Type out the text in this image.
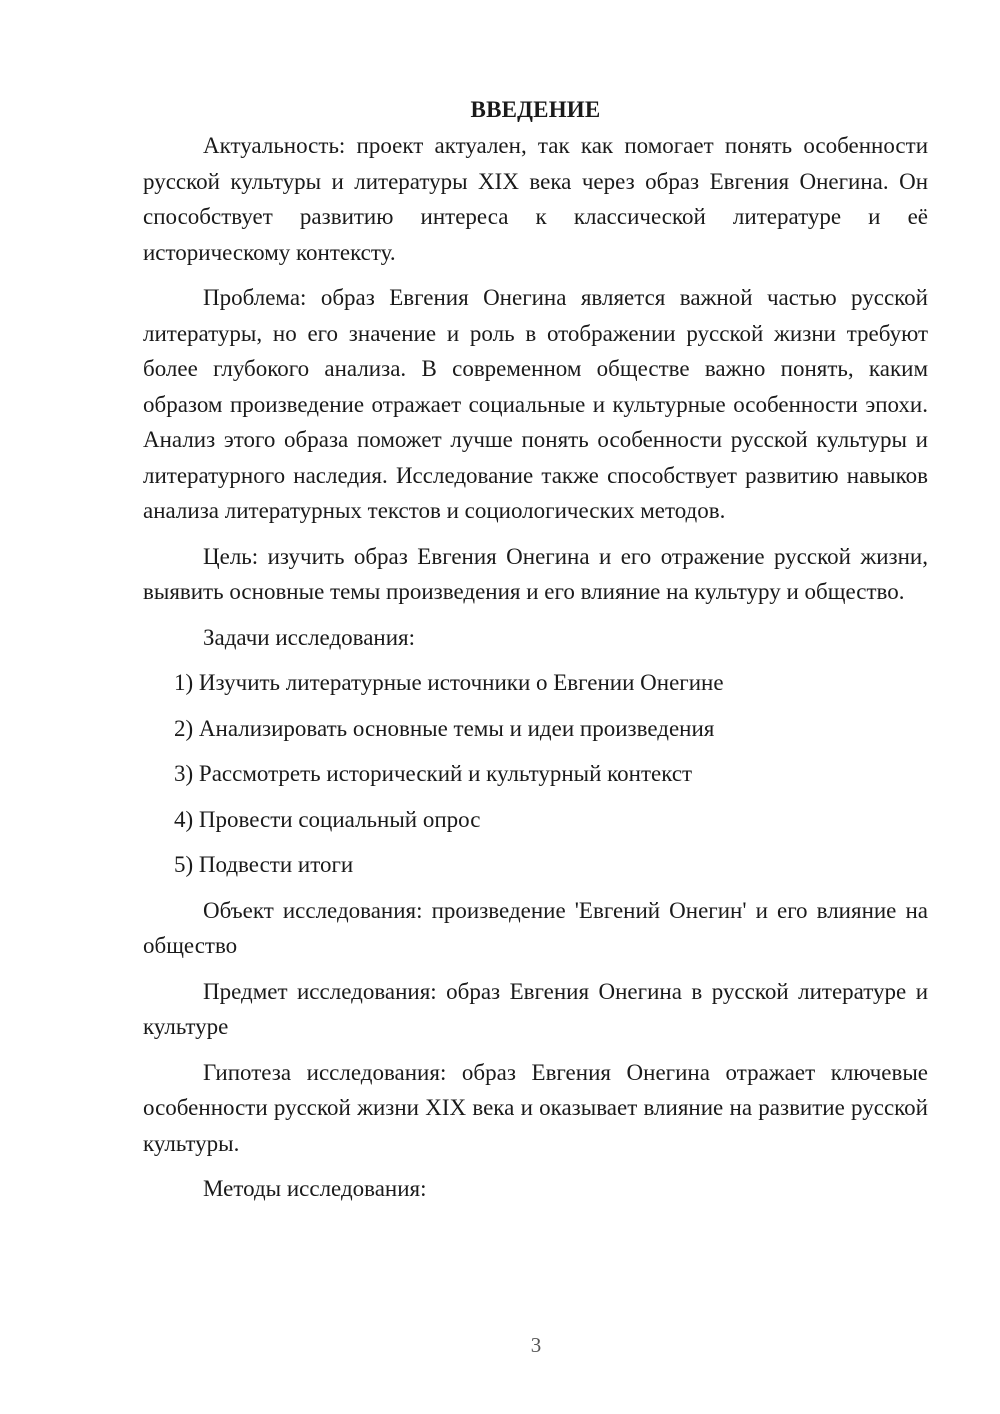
ВВЕДЕНИЕ

Актуальность: проект актуален, так как помогает понять особенности русской культуры и литературы XIX века через образ Евгения Онегина. Он способствует развитию интереса к классической литературе и её историческому контексту.

Проблема: образ Евгения Онегина является важной частью русской литературы, но его значение и роль в отображении русской жизни требуют более глубокого анализа. В современном обществе важно понять, каким образом произведение отражает социальные и культурные особенности эпохи. Анализ этого образа поможет лучше понять особенности русской культуры и литературного наследия. Исследование также способствует развитию навыков анализа литературных текстов и социологических методов.

Цель: изучить образ Евгения Онегина и его отражение русской жизни, выявить основные темы произведения и его влияние на культуру и общество.

Задачи исследования:

1) Изучить литературные источники о Евгении Онегине
2) Анализировать основные темы и идеи произведения
3) Рассмотреть исторический и культурный контекст
4) Провести социальный опрос
5) Подвести итоги

Объект исследования: произведение 'Евгений Онегин' и его влияние на общество

Предмет исследования: образ Евгения Онегина в русской литературе и культуре

Гипотеза исследования: образ Евгения Онегина отражает ключевые особенности русской жизни XIX века и оказывает влияние на развитие русской культуры.

Методы исследования:

3
